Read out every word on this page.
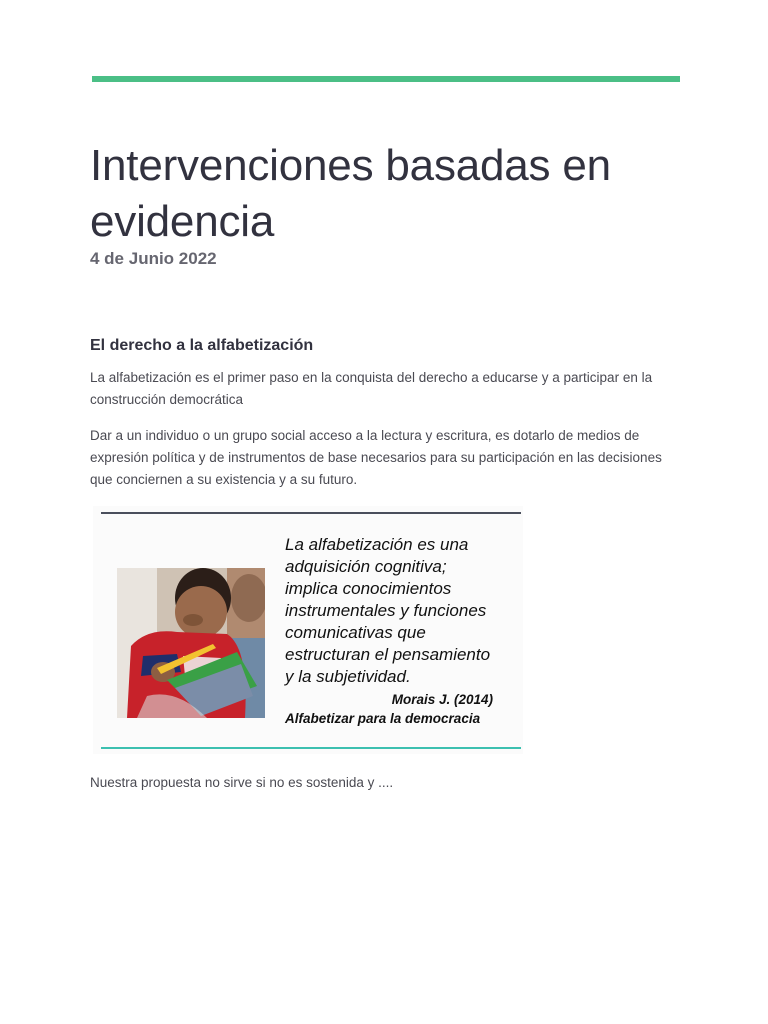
Intervenciones basadas en evidencia
4 de Junio 2022
El derecho a la alfabetización

La alfabetización es el primer paso en la conquista del derecho a educarse y a participar en la construcción democrática

Dar a un individuo o un grupo social acceso a la lectura y escritura, es dotarlo de medios de expresión política y de instrumentos de base necesarios para su participación en las decisiones que conciernen a su existencia y a su futuro.

La alfabetización es una
adquisición cognitiva;
implica conocimientos
instrumentales y funciones
comunicativas que
estructuran el pensamiento
y la subjetividad.
Morais J. (2014)
Alfabetizar para la democracia

Nuestra propuesta no sirve si no es sostenida y ....
